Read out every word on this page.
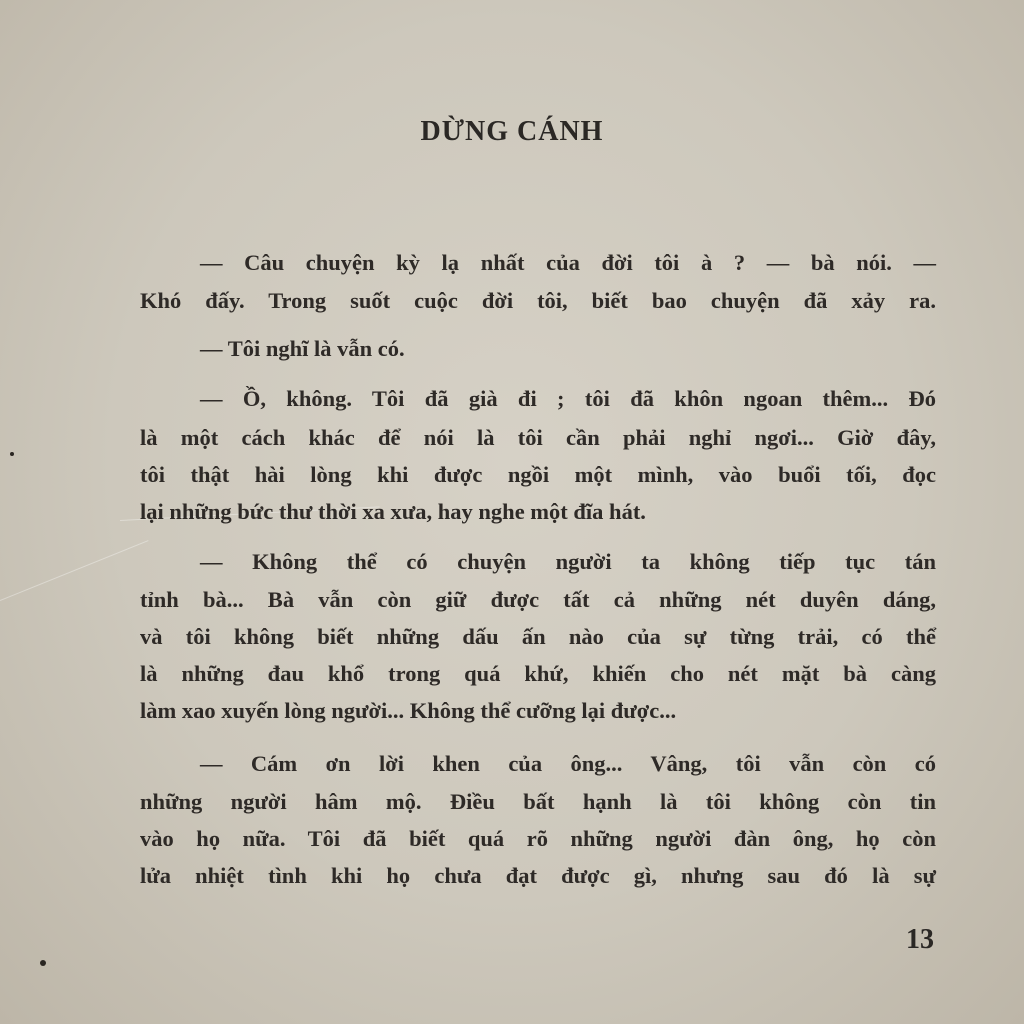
DỪNG CÁNH
— Câu chuyện kỳ lạ nhất của đời tôi à ? — bà nói. —
Khó đấy. Trong suốt cuộc đời tôi, biết bao chuyện đã xảy ra.
— Tôi nghĩ là vẫn có.
— Ồ, không. Tôi đã già đi ; tôi đã khôn ngoan thêm... Đó
là một cách khác để nói là tôi cần phải nghỉ ngơi... Giờ đây,
tôi thật hài lòng khi được ngồi một mình, vào buổi tối, đọc
lại những bức thư thời xa xưa, hay nghe một đĩa hát.
— Không thể có chuyện người ta không tiếp tục tán
tỉnh bà... Bà vẫn còn giữ được tất cả những nét duyên dáng,
và tôi không biết những dấu ấn nào của sự từng trải, có thể
là những đau khổ trong quá khứ, khiến cho nét mặt bà càng
làm xao xuyến lòng người... Không thể cưỡng lại được...
— Cám ơn lời khen của ông... Vâng, tôi vẫn còn có
những người hâm mộ. Điều bất hạnh là tôi không còn tin
vào họ nữa. Tôi đã biết quá rõ những người đàn ông, họ còn
lửa nhiệt tình khi họ chưa đạt được gì, nhưng sau đó là sự
13
